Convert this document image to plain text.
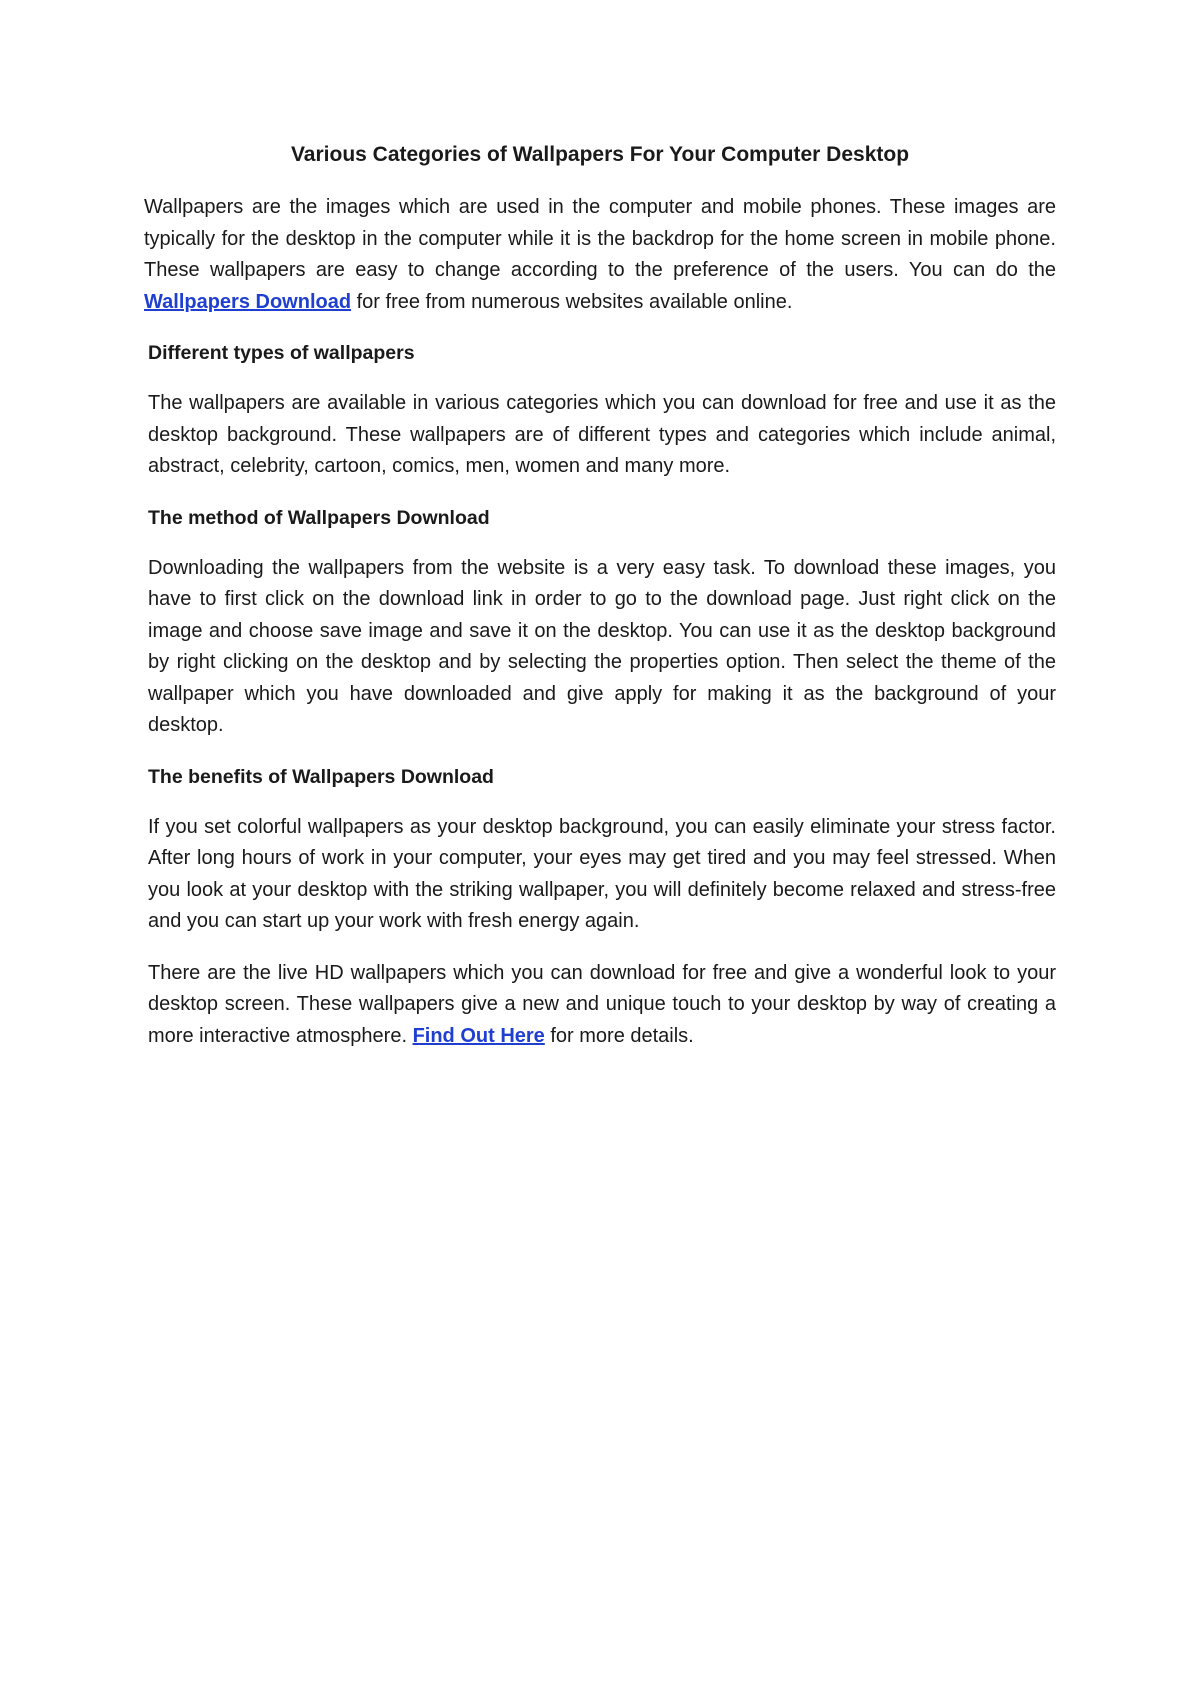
Various Categories of Wallpapers For Your Computer Desktop

Wallpapers are the images which are used in the computer and mobile phones. These images are typically for the desktop in the computer while it is the backdrop for the home screen in mobile phone. These wallpapers are easy to change according to the preference of the users. You can do the Wallpapers Download for free from numerous websites available online.

Different types of wallpapers

The wallpapers are available in various categories which you can download for free and use it as the desktop background. These wallpapers are of different types and categories which include animal, abstract, celebrity, cartoon, comics, men, women and many more.

The method of Wallpapers Download

Downloading the wallpapers from the website is a very easy task. To download these images, you have to first click on the download link in order to go to the download page. Just right click on the image and choose save image and save it on the desktop. You can use it as the desktop background by right clicking on the desktop and by selecting the properties option. Then select the theme of the wallpaper which you have downloaded and give apply for making it as the background of your desktop.

The benefits of Wallpapers Download

If you set colorful wallpapers as your desktop background, you can easily eliminate your stress factor. After long hours of work in your computer, your eyes may get tired and you may feel stressed. When you look at your desktop with the striking wallpaper, you will definitely become relaxed and stress-free and you can start up your work with fresh energy again.

There are the live HD wallpapers which you can download for free and give a wonderful look to your desktop screen. These wallpapers give a new and unique touch to your desktop by way of creating a more interactive atmosphere. Find Out Here for more details.
